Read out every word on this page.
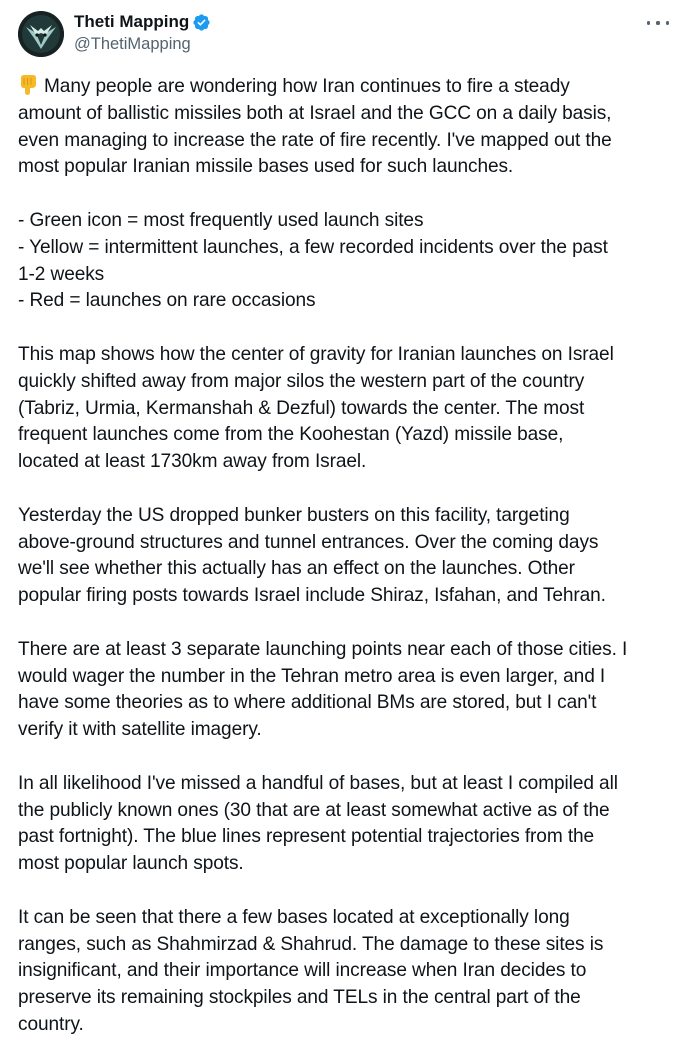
Theti Mapping
@ThetiMapping
Many people are wondering how Iran continues to fire a steady
amount of ballistic missiles both at Israel and the GCC on a daily basis,
even managing to increase the rate of fire recently. I've mapped out the
most popular Iranian missile bases used for such launches.
- Green icon = most frequently used launch sites
- Yellow = intermittent launches, a few recorded incidents over the past
1-2 weeks
- Red = launches on rare occasions
This map shows how the center of gravity for Iranian launches on Israel
quickly shifted away from major silos the western part of the country
(Tabriz, Urmia, Kermanshah & Dezful) towards the center. The most
frequent launches come from the Koohestan (Yazd) missile base,
located at least 1730km away from Israel.
Yesterday the US dropped bunker busters on this facility, targeting
above-ground structures and tunnel entrances. Over the coming days
we'll see whether this actually has an effect on the launches. Other
popular firing posts towards Israel include Shiraz, Isfahan, and Tehran.
There are at least 3 separate launching points near each of those cities. I
would wager the number in the Tehran metro area is even larger, and I
have some theories as to where additional BMs are stored, but I can't
verify it with satellite imagery.
In all likelihood I've missed a handful of bases, but at least I compiled all
the publicly known ones (30 that are at least somewhat active as of the
past fortnight). The blue lines represent potential trajectories from the
most popular launch spots.
It can be seen that there a few bases located at exceptionally long
ranges, such as Shahmirzad & Shahrud. The damage to these sites is
insignificant, and their importance will increase when Iran decides to
preserve its remaining stockpiles and TELs in the central part of the
country.
